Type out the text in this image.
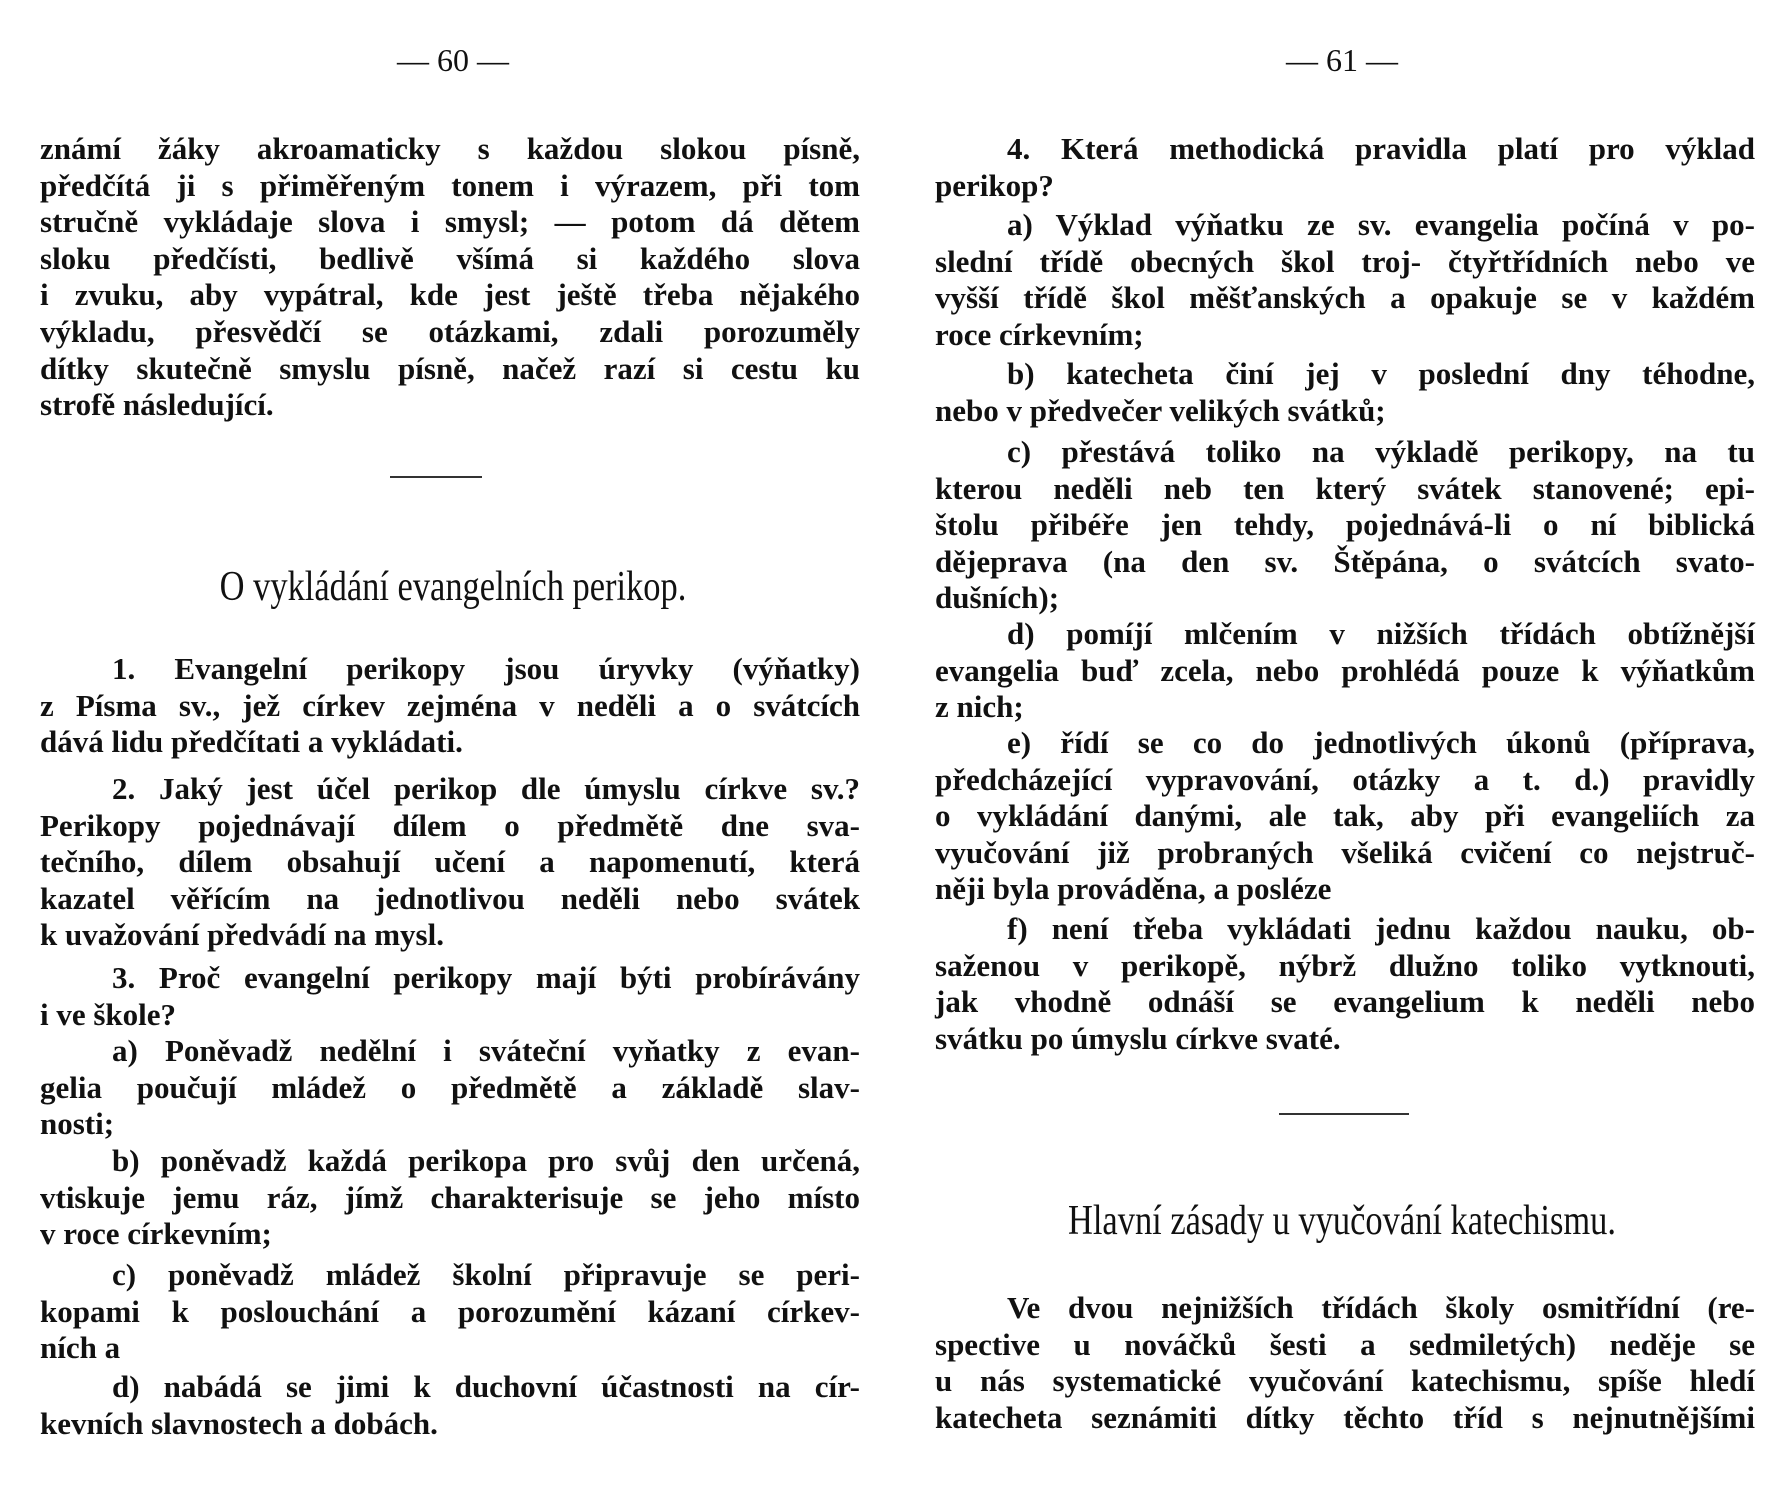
— 60 —	— 61 —
známí žáky akroamaticky s každou slokou písně,
předčítá ji s přiměřeným tonem i výrazem, při tom
stručně vykládaje slova i smysl; — potom dá dětem
sloku předčísti, bedlivě všímá si každého slova
i zvuku, aby vypátral, kde jest ještě třeba nějakého
výkladu, přesvědčí se otázkami, zdali porozuměly
dítky skutečně smyslu písně, načež razí si cestu ku
strofě následující.
O vykládání evangelních perikop.
1. Evangelní perikopy jsou úryvky (výňatky)
z Písma sv., jež církev zejména v neděli a o svátcích
dává lidu předčítati a vykládati.
2. Jaký jest účel perikop dle úmyslu církve sv.?
Perikopy pojednávají dílem o předmětě dne sva-
tečního, dílem obsahují učení a napomenutí, která
kazatel věřícím na jednotlivou neděli nebo svátek
k uvažování předvádí na mysl.
3. Proč evangelní perikopy mají býti probírávány
i ve škole?
a) Poněvadž nedělní i sváteční vyňatky z evan-
gelia poučují mládež o předmětě a základě slav-
nosti;
b) poněvadž každá perikopa pro svůj den určená,
vtiskuje jemu ráz, jímž charakterisuje se jeho místo
v roce církevním;
c) poněvadž mládež školní připravuje se peri-
kopami k poslouchání a porozumění kázaní církev-
ních a
d) nabádá se jimi k duchovní účastnosti na cír-
kevních slavnostech a dobách.
4. Která methodická pravidla platí pro výklad
perikop?
a) Výklad výňatku ze sv. evangelia počíná v po-
slední třídě obecných škol troj- čtyřtřídních nebo ve
vyšší třídě škol měšťanských a opakuje se v každém
roce církevním;
b) katecheta činí jej v poslední dny téhodne,
nebo v předvečer velikých svátků;
c) přestává toliko na výkladě perikopy, na tu
kterou neděli neb ten který svátek stanovené; epi-
štolu přibéře jen tehdy, pojednává-li o ní biblická
dějeprava (na den sv. Štěpána, o svátcích svato-
dušních);
d) pomíjí mlčením v nižších třídách obtížnější
evangelia buď zcela, nebo prohlédá pouze k výňatkům
z nich;
e) řídí se co do jednotlivých úkonů (příprava,
předcházející vypravování, otázky a t. d.) pravidly
o vykládání danými, ale tak, aby při evangeliích za
vyučování již probraných všeliká cvičení co nejstruč-
něji byla prováděna, a posléze
f) není třeba vykládati jednu každou nauku, ob-
saženou v perikopě, nýbrž dlužno toliko vytknouti,
jak vhodně odnáší se evangelium k neděli nebo
svátku po úmyslu církve svaté.
Hlavní zásady u vyučování katechismu.
Ve dvou nejnižších třídách školy osmitřídní (re-
spective u nováčků šesti a sedmiletých) neděje se
u nás systematické vyučování katechismu, spíše hledí
katecheta seznámiti dítky těchto tříd s nejnutnějšími
